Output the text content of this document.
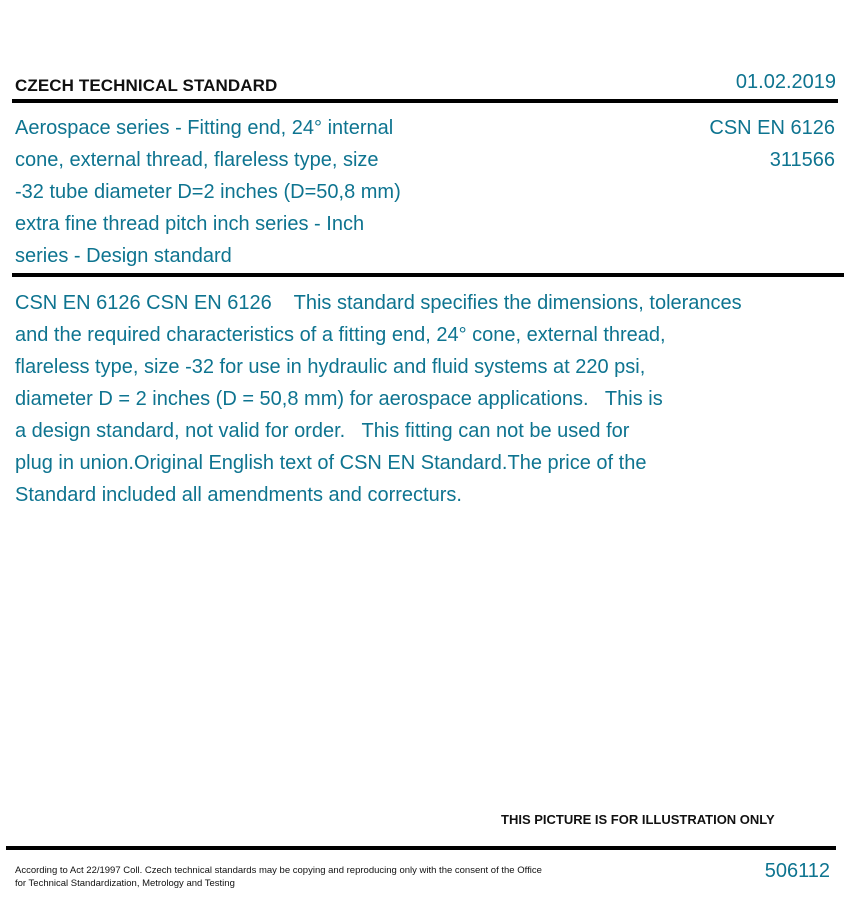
CZECH TECHNICAL STANDARD	01.02.2019
Aerospace series - Fitting end, 24° internal
cone, external thread, flareless type, size
-32 tube diameter D=2 inches (D=50,8 mm)
extra fine thread pitch inch series - Inch
series - Design standard
CSN EN 6126
311566
CSN EN 6126 CSN EN 6126    This standard specifies the dimensions, tolerances
and the required characteristics of a fitting end, 24° cone, external thread,
flareless type, size -32 for use in hydraulic and fluid systems at 220 psi,
diameter D = 2 inches (D = 50,8 mm) for aerospace applications.   This is
a design standard, not valid for order.   This fitting can not be used for
plug in union.Original English text of CSN EN Standard.The price of the
Standard included all amendments and correcturs.
THIS PICTURE IS FOR ILLUSTRATION ONLY
According to Act 22/1997 Coll. Czech technical standards may be copying and reproducing only with the consent of the Office
for Technical Standardization, Metrology and Testing
506112
